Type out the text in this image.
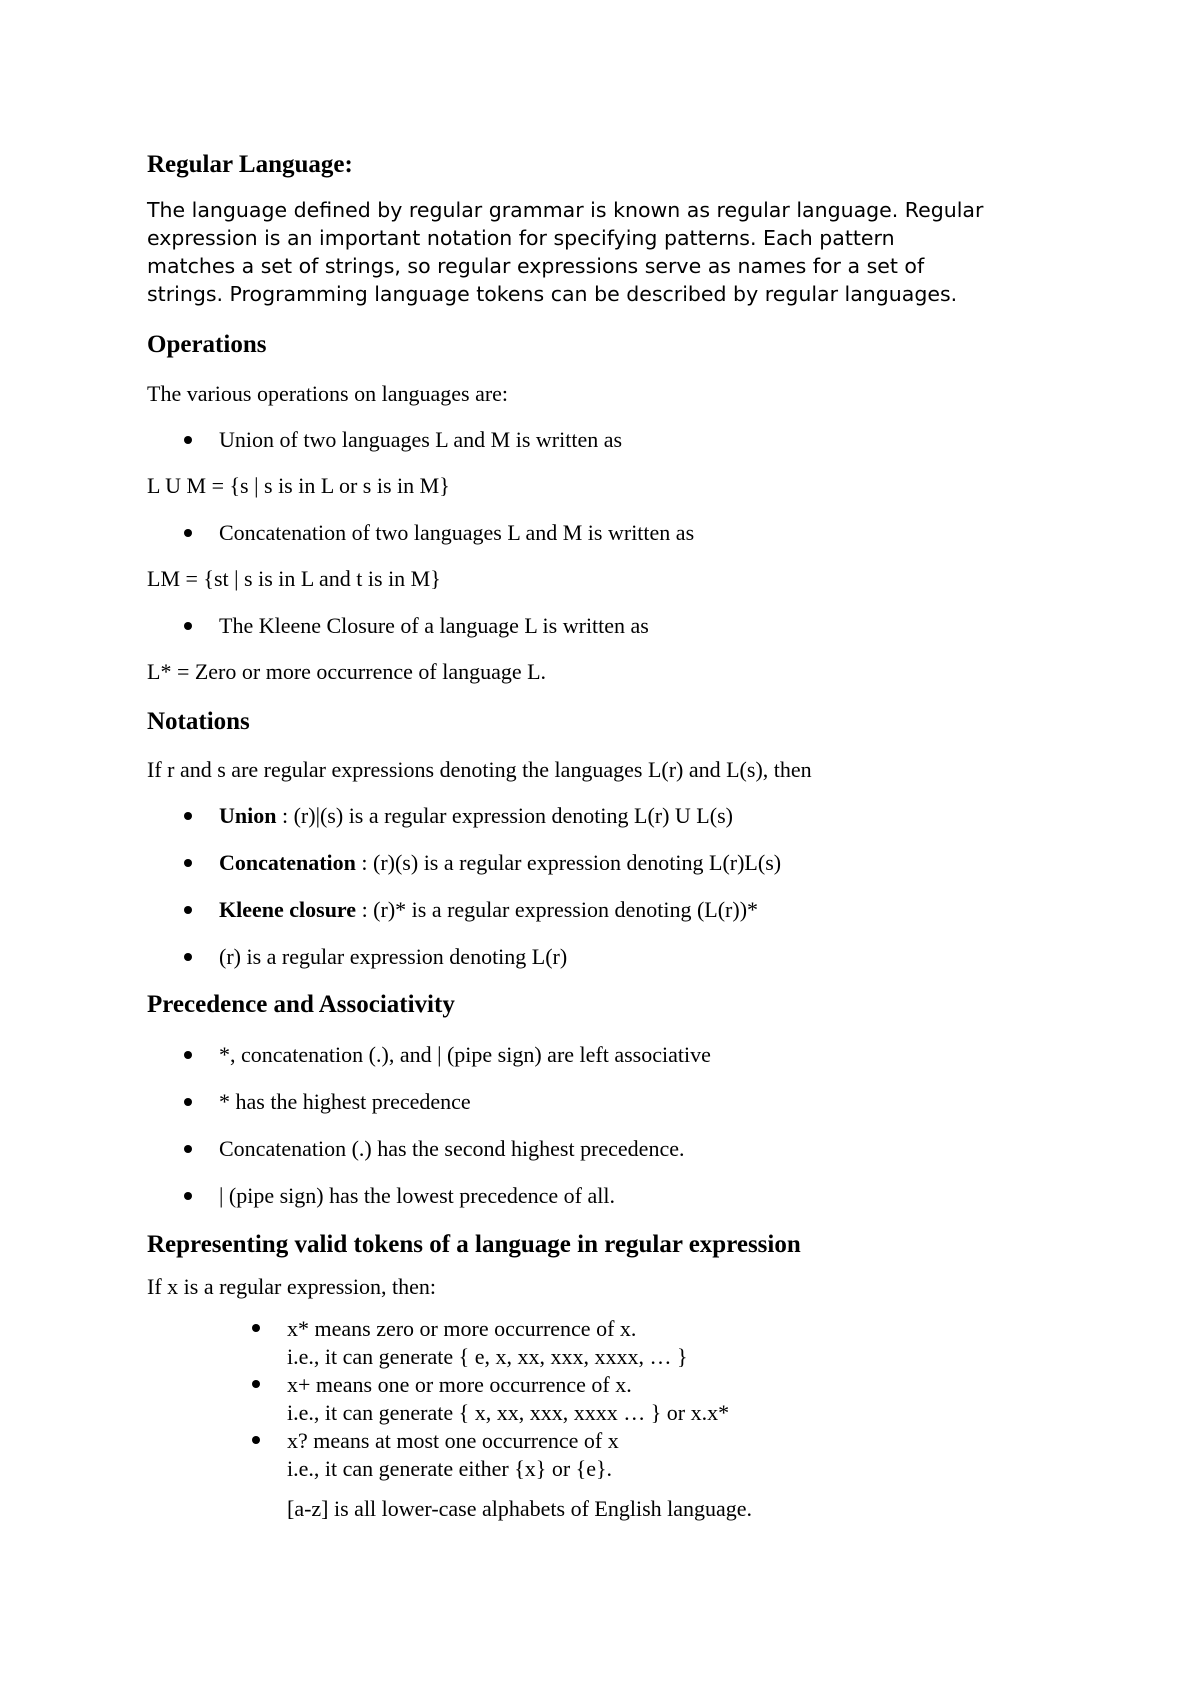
Regular Language:
The language defined by regular grammar is known as regular language. Regular
expression is an important notation for specifying patterns. Each pattern
matches a set of strings, so regular expressions serve as names for a set of
strings. Programming language tokens can be described by regular languages.
Operations
The various operations on languages are:
Union of two languages L and M is written as
L U M = {s | s is in L or s is in M}
Concatenation of two languages L and M is written as
LM = {st | s is in L and t is in M}
The Kleene Closure of a language L is written as
L* = Zero or more occurrence of language L.
Notations
If r and s are regular expressions denoting the languages L(r) and L(s), then
Union : (r)|(s) is a regular expression denoting L(r) U L(s)
Concatenation : (r)(s) is a regular expression denoting L(r)L(s)
Kleene closure : (r)* is a regular expression denoting (L(r))*
(r) is a regular expression denoting L(r)
Precedence and Associativity
*, concatenation (.), and | (pipe sign) are left associative
* has the highest precedence
Concatenation (.) has the second highest precedence.
| (pipe sign) has the lowest precedence of all.
Representing valid tokens of a language in regular expression
If x is a regular expression, then:
x* means zero or more occurrence of x.
i.e., it can generate { e, x, xx, xxx, xxxx, … }
x+ means one or more occurrence of x.
i.e., it can generate { x, xx, xxx, xxxx … } or x.x*
x? means at most one occurrence of x
i.e., it can generate either {x} or {e}.
[a-z] is all lower-case alphabets of English language.
